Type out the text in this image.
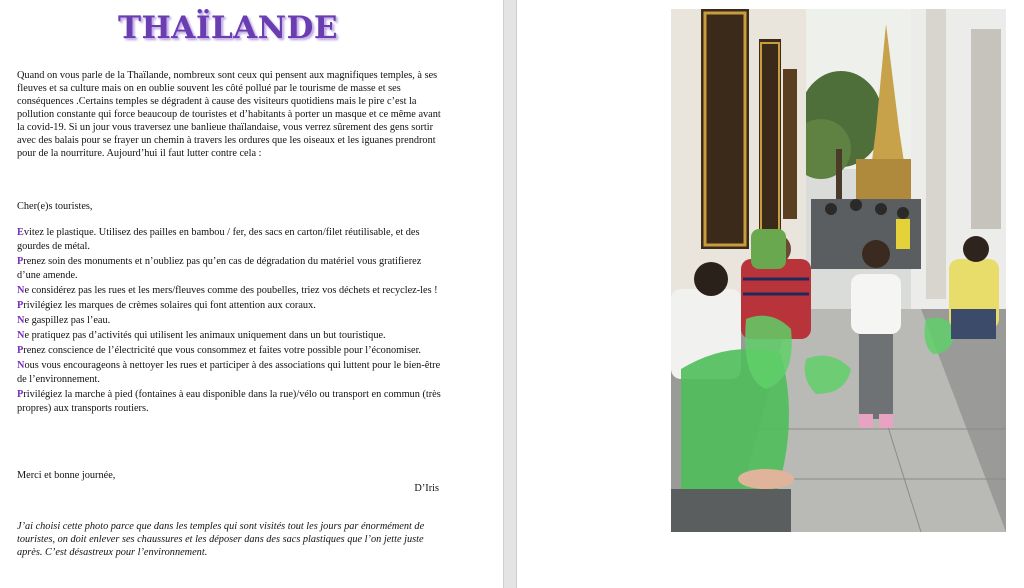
THAÏLANDE

Quand on vous parle de la Thaïlande, nombreux sont ceux qui pensent aux magnifiques temples, à ses fleuves et sa culture mais on en oublie souvent les côté pollué par le tourisme de masse et ses conséquences .Certains temples se dégradent à cause des visiteurs quotidiens mais le pire c’est la pollution constante qui force beaucoup de touristes et d’habitants à porter un masque et ce même avant la covid-19. Si un jour vous traversez une banlieue thaïlandaise, vous verrez sûrement des gens sortir avec des balais pour se frayer un chemin à travers les ordures que les oiseaux et les iguanes prendront pour de la nourriture. Aujourd’hui il faut lutter contre cela :

Cher(e)s touristes,

Evitez le plastique. Utilisez des pailles en bambou / fer, des sacs en carton/filet réutilisable, et des gourdes de métal.
Prenez soin des monuments et n’oubliez pas qu’en cas de dégradation du matériel vous gratifierez d’une amende.
Ne considérez pas les rues et les mers/fleuves comme des poubelles, triez vos déchets et recyclez-les !
Privilégiez les marques de crèmes solaires qui font attention aux coraux.
Ne gaspillez pas l’eau.
Ne pratiquez pas d’activités qui utilisent les animaux uniquement dans un but touristique.
Prenez conscience de l’électricité que vous consommez et faites votre possible pour l’économiser.
Nous vous encourageons à nettoyer les rues et participer à des associations qui luttent pour le bien-être de l’environnement.
Privilégiez la marche à pied (fontaines à eau disponible dans la rue)/vélo ou transport en commun (très propres) aux transports routiers.

Merci et bonne journée,

D’Iris

J’ai choisi cette photo parce que dans les temples qui sont visités tout les jours par énormément de touristes, on doit enlever ses chaussures et les déposer dans des sacs plastiques que l’on jette juste après. C’est désastreux pour l’environnement.
